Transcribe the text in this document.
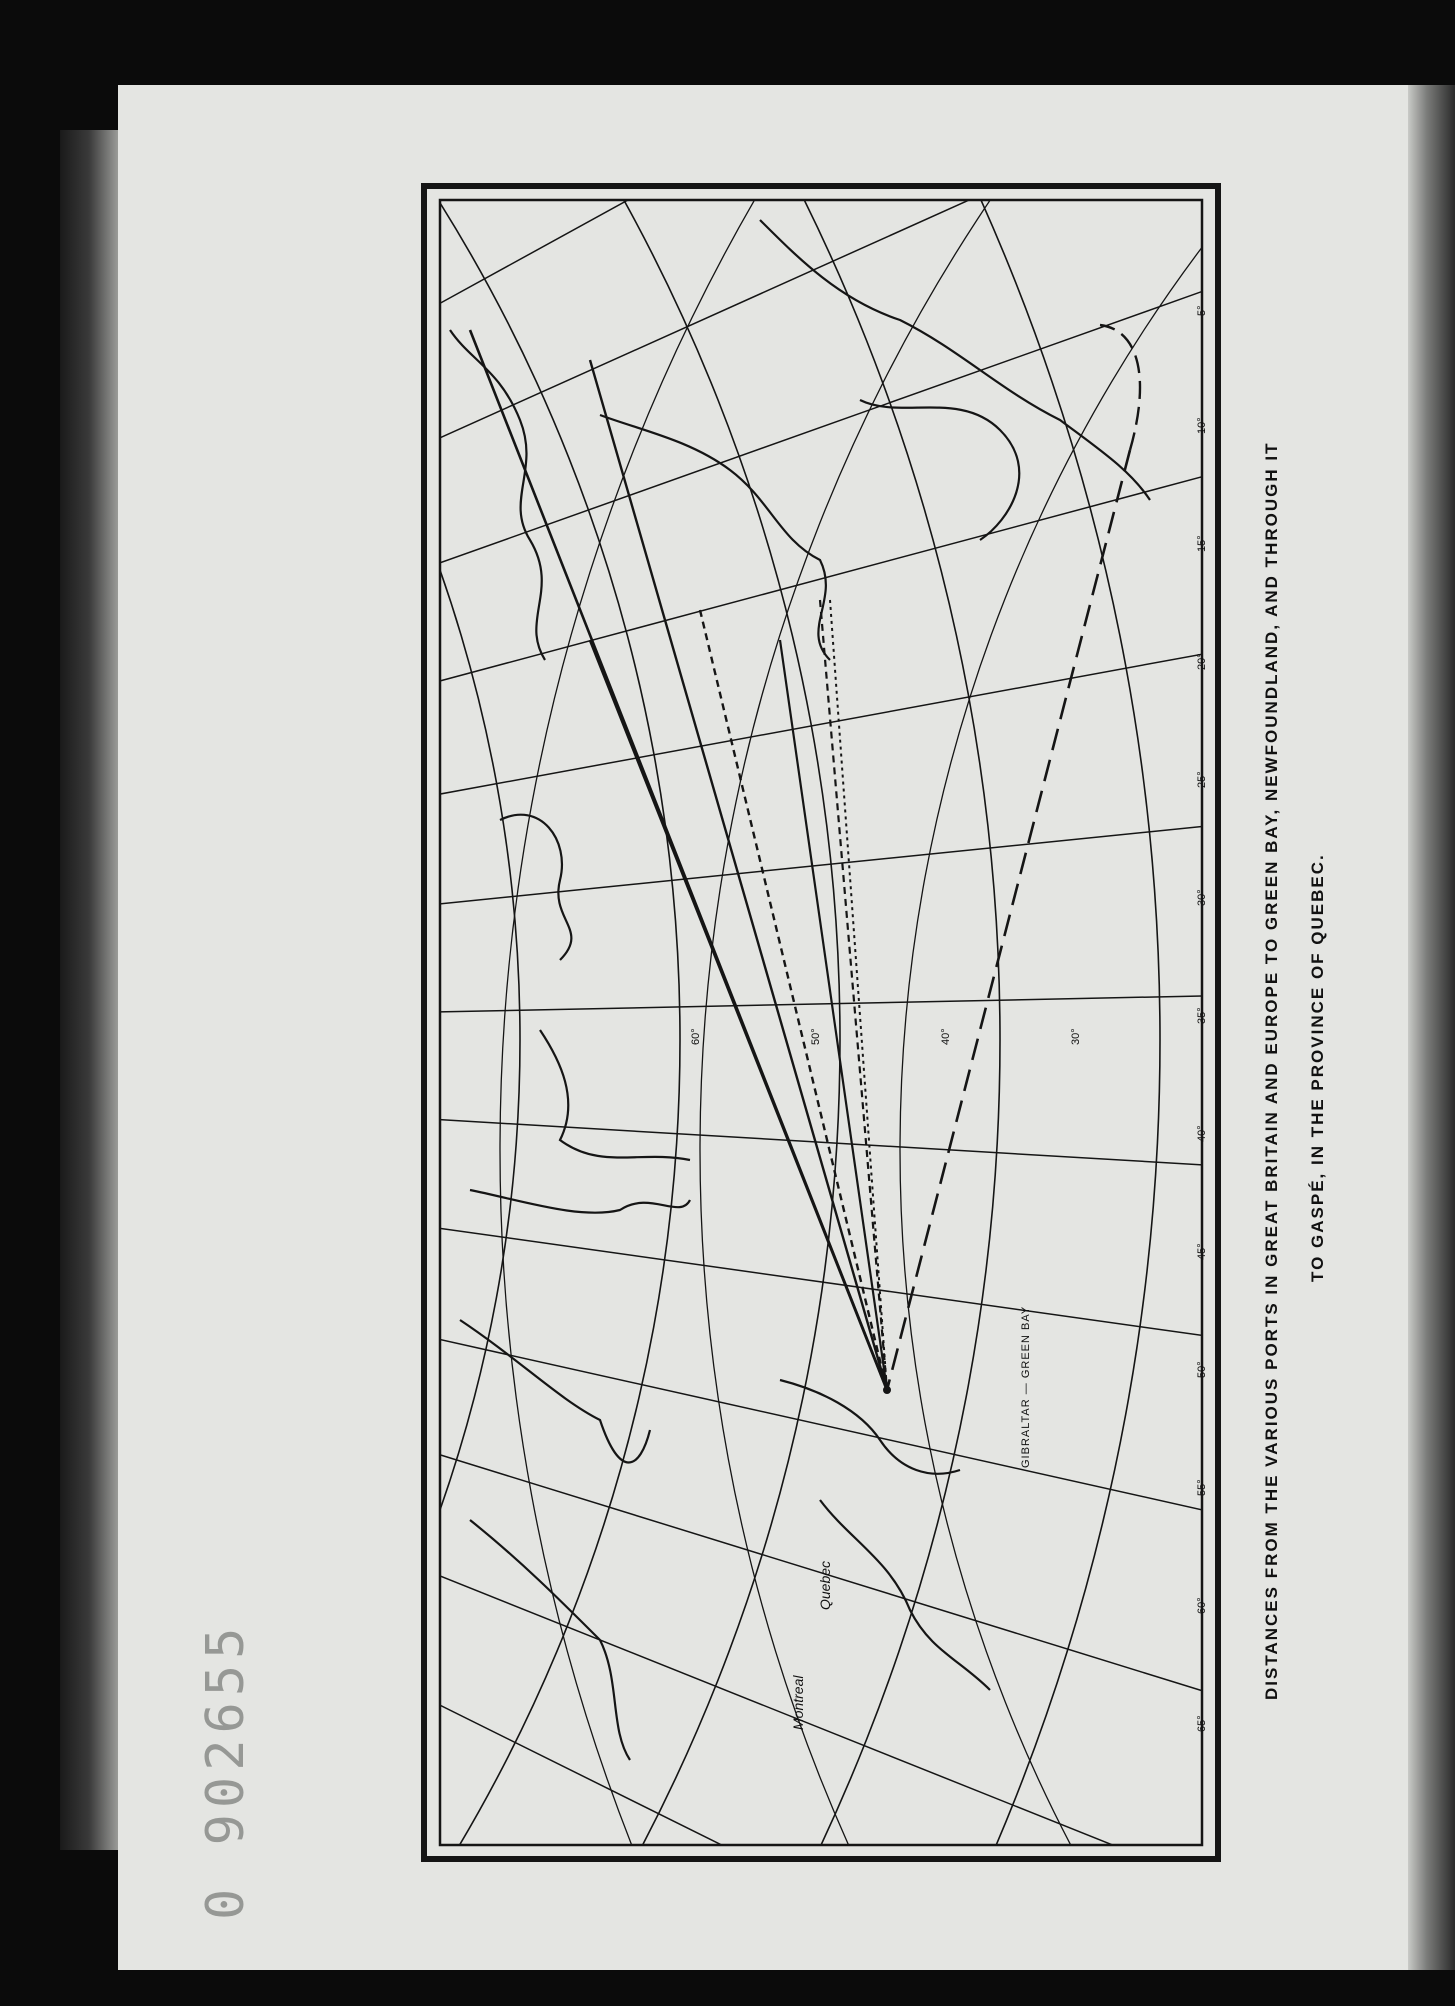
5°
10°
15°
20°
25°
30°
35°
40°
45°
50°
55°
60°
65°
30°
40°
50°
60°
GIBRALTAR — GREEN BAY
Montreal
Quebec	DISTANCES FROM THE VARIOUS PORTS IN GREAT BRITAIN AND EUROPE TO GREEN BAY, NEWFOUNDLAND, AND THROUGH IT TO GASPÉ, IN THE PROVINCE OF QUEBEC.
0 902655
